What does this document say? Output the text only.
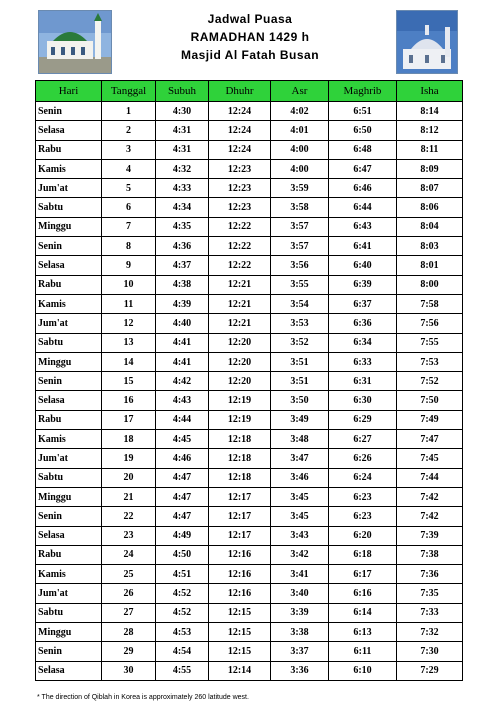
Jadwal Puasa
RAMADHAN 1429 h
Masjid Al Fatah Busan
Hari	Tanggal	Subuh	Dhuhr	Asr	Maghrib	Isha
Senin	1	4:30	12:24	4:02	6:51	8:14
Selasa	2	4:31	12:24	4:01	6:50	8:12
Rabu	3	4:31	12:24	4:00	6:48	8:11
Kamis	4	4:32	12:23	4:00	6:47	8:09
Jum'at	5	4:33	12:23	3:59	6:46	8:07
Sabtu	6	4:34	12:23	3:58	6:44	8:06
Minggu	7	4:35	12:22	3:57	6:43	8:04
Senin	8	4:36	12:22	3:57	6:41	8:03
Selasa	9	4:37	12:22	3:56	6:40	8:01
Rabu	10	4:38	12:21	3:55	6:39	8:00
Kamis	11	4:39	12:21	3:54	6:37	7:58
Jum'at	12	4:40	12:21	3:53	6:36	7:56
Sabtu	13	4:41	12:20	3:52	6:34	7:55
Minggu	14	4:41	12:20	3:51	6:33	7:53
Senin	15	4:42	12:20	3:51	6:31	7:52
Selasa	16	4:43	12:19	3:50	6:30	7:50
Rabu	17	4:44	12:19	3:49	6:29	7:49
Kamis	18	4:45	12:18	3:48	6:27	7:47
Jum'at	19	4:46	12:18	3:47	6:26	7:45
Sabtu	20	4:47	12:18	3:46	6:24	7:44
Minggu	21	4:47	12:17	3:45	6:23	7:42
Senin	22	4:47	12:17	3:45	6:23	7:42
Selasa	23	4:49	12:17	3:43	6:20	7:39
Rabu	24	4:50	12:16	3:42	6:18	7:38
Kamis	25	4:51	12:16	3:41	6:17	7:36
Jum'at	26	4:52	12:16	3:40	6:16	7:35
Sabtu	27	4:52	12:15	3:39	6:14	7:33
Minggu	28	4:53	12:15	3:38	6:13	7:32
Senin	29	4:54	12:15	3:37	6:11	7:30
Selasa	30	4:55	12:14	3:36	6:10	7:29
* The direction of Qiblah in Korea is approximately 260 latitude west.
